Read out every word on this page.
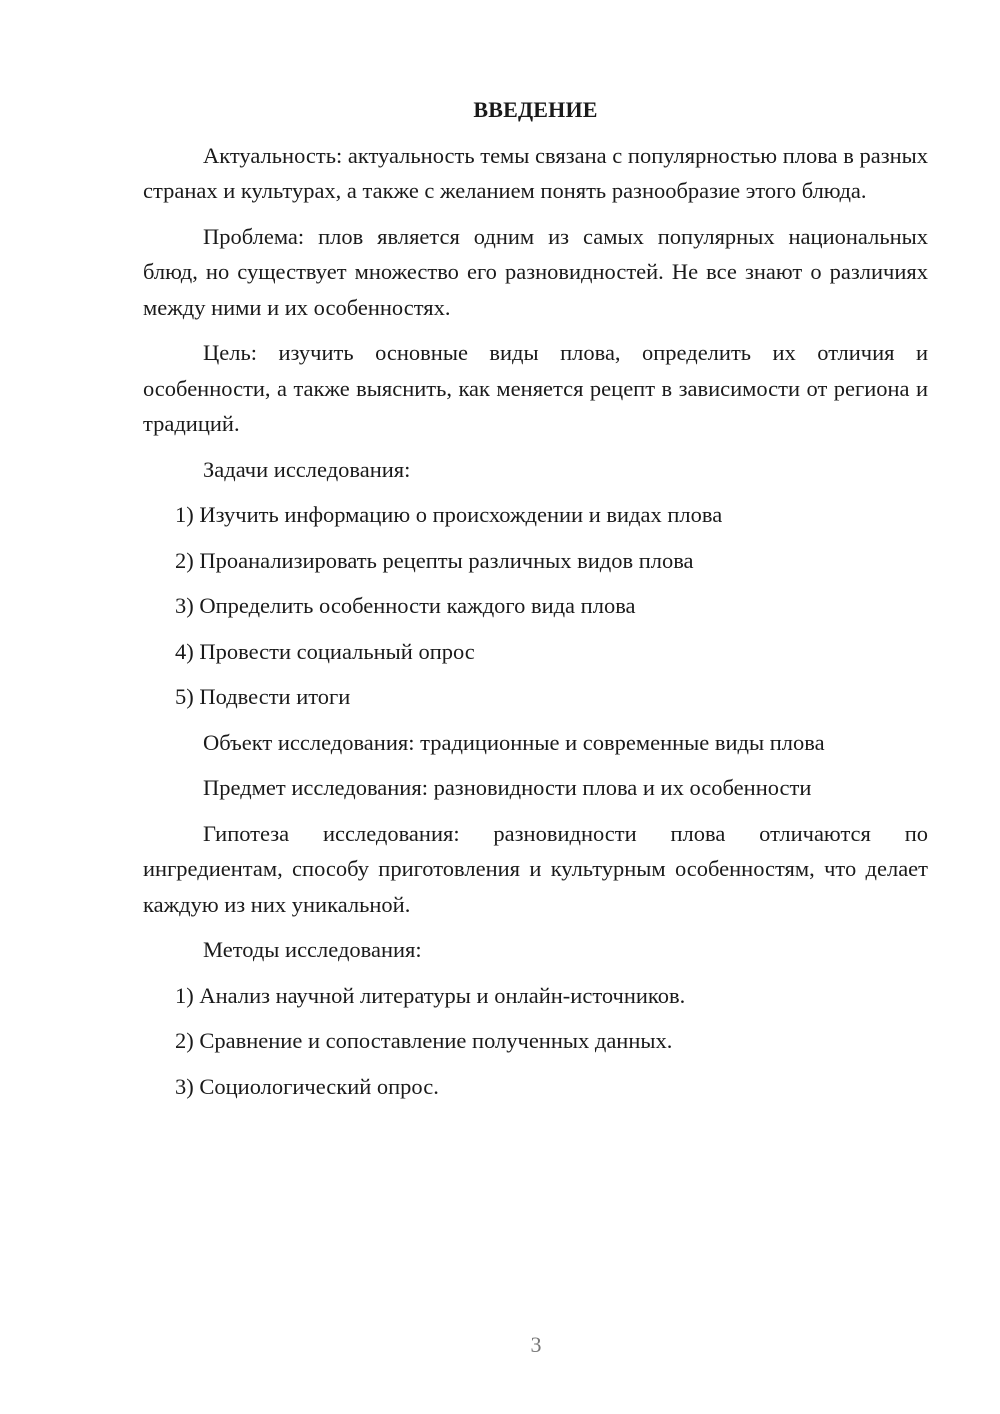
ВВЕДЕНИЕ

Актуальность: актуальность темы связана с популярностью плова в разных странах и культурах, а также с желанием понять разнообразие этого блюда.

Проблема: плов является одним из самых популярных национальных блюд, но существует множество его разновидностей. Не все знают о различиях между ними и их особенностях.

Цель: изучить основные виды плова, определить их отличия и особенности, а также выяснить, как меняется рецепт в зависимости от региона и традиций.

Задачи исследования:

1) Изучить информацию о происхождении и видах плова
2) Проанализировать рецепты различных видов плова
3) Определить особенности каждого вида плова
4) Провести социальный опрос
5) Подвести итоги

Объект исследования: традиционные и современные виды плова

Предмет исследования: разновидности плова и их особенности

Гипотеза исследования: разновидности плова отличаются по ингредиентам, способу приготовления и культурным особенностям, что делает каждую из них уникальной.

Методы исследования:

1) Анализ научной литературы и онлайн-источников.
2) Сравнение и сопоставление полученных данных.
3) Социологический опрос.
3
